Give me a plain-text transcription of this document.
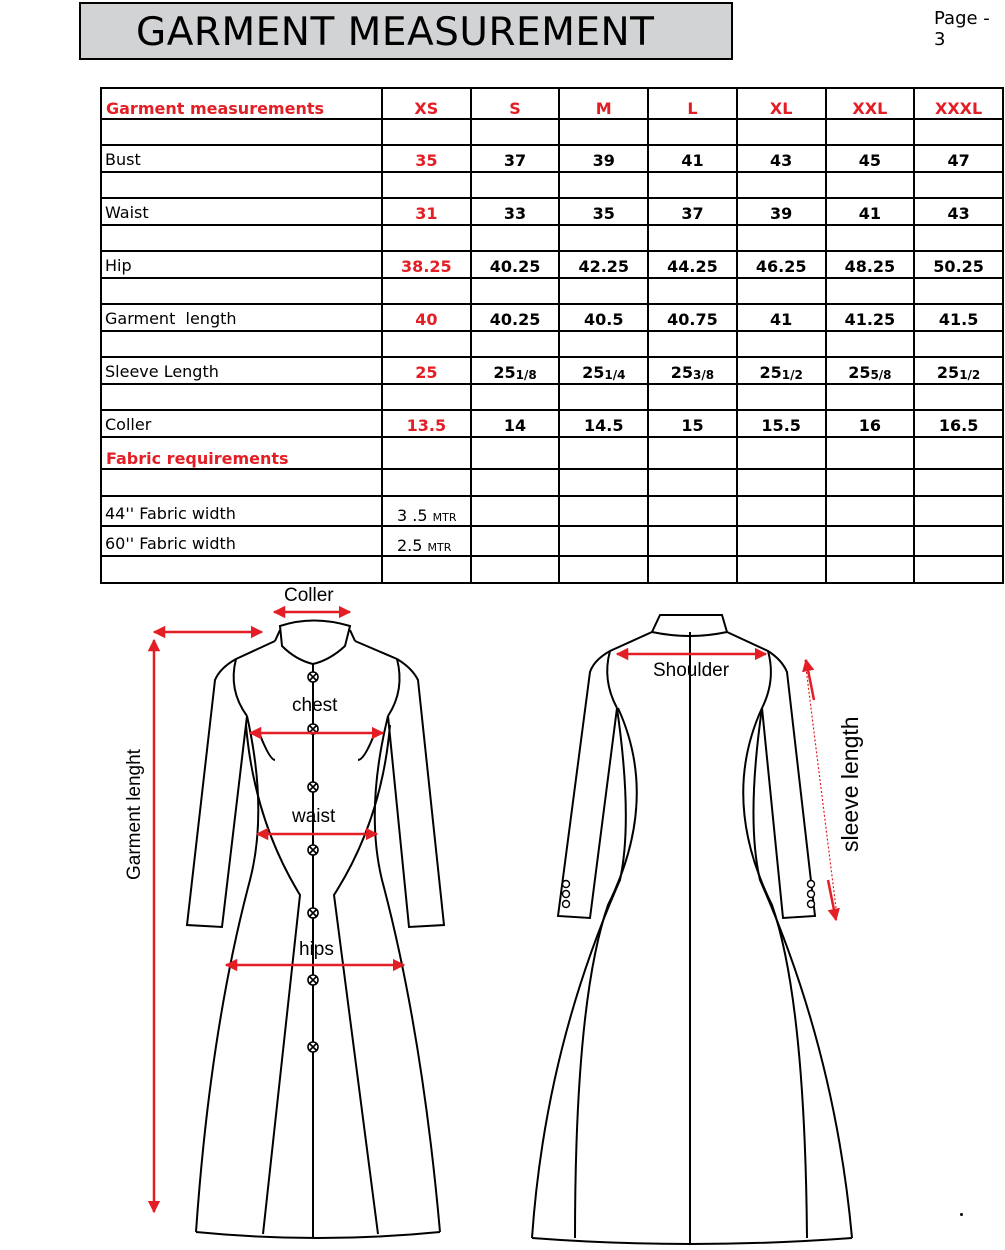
GARMENT MEASUREMENT	Page - 3
Garment measurements	XS	S	M	L	XL	XXL	XXXL

Bust	35	37	39	41	43	45	47

Waist	31	33	35	37	39	41	43

Hip	38.25	40.25	42.25	44.25	46.25	48.25	50.25

Garment  length	40	40.25	40.5	40.75	41	41.25	41.5

Sleeve Length	25	$25_{1/8}$	$25_{1/4}$	$25_{3/8}$	$25_{1/2}$	$25_{5/8}$	$25_{1/2}$

Coller	13.5	14	14.5	15	15.5	16	16.5
Fabric requirements							

44'' Fabric width	3 .5 MTR						
60'' Fabric width	2.5 MTR						

Coller
chest
waist
hips
Shoulder
Garment lenght	sleeve length
